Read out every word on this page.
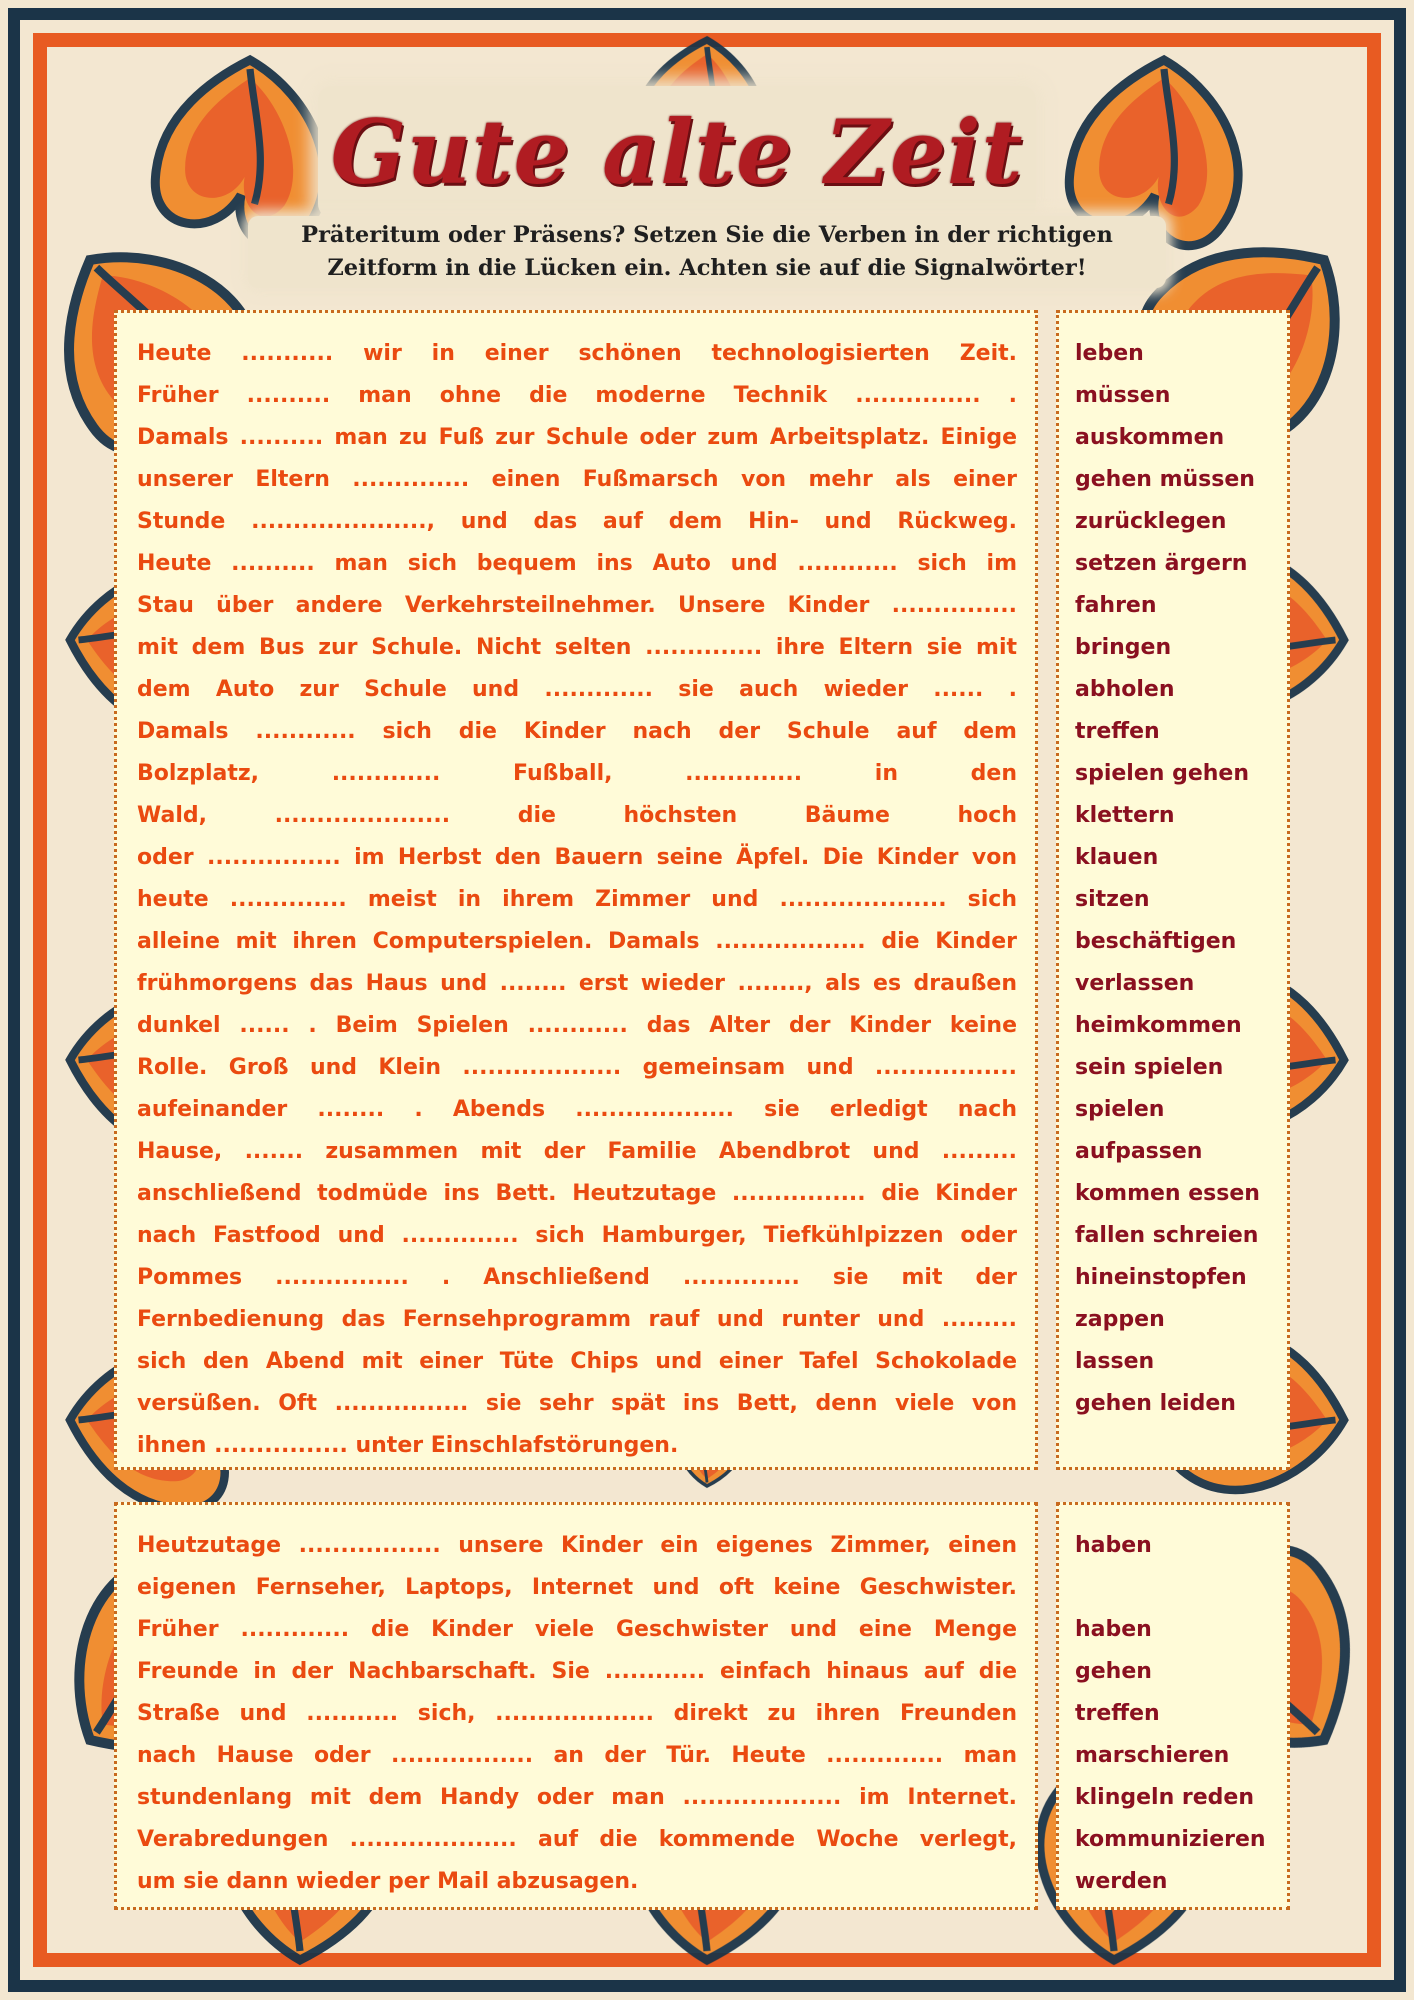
Gute alte Zeit
Präteritum oder Präsens? Setzen Sie die Verben in der richtigen
Zeitform in die Lücken ein. Achten sie auf die Signalwörter!

Heute ........... wir in einer schönen technologisierten Zeit.
Früher .......... man ohne die moderne Technik ............... .
Damals .......... man zu Fuß zur Schule oder zum Arbeitsplatz. Einige
unserer Eltern .............. einen Fußmarsch von mehr als einer
Stunde ....................., und das auf dem Hin- und Rückweg.
Heute .......... man sich bequem ins Auto und ............ sich im
Stau über andere Verkehrsteilnehmer. Unsere Kinder ...............
mit dem Bus zur Schule. Nicht selten .............. ihre Eltern sie mit
dem Auto zur Schule und ............. sie auch wieder ...... .
Damals ............ sich die Kinder nach der Schule auf dem
Bolzplatz, ............. Fußball, .............. in den
Wald, ..................... die höchsten Bäume hoch
oder ................ im Herbst den Bauern seine Äpfel. Die Kinder von
heute .............. meist in ihrem Zimmer und .................... sich
alleine mit ihren Computerspielen. Damals .................. die Kinder
frühmorgens das Haus und ........ erst wieder ........, als es draußen
dunkel ...... . Beim Spielen ............ das Alter der Kinder keine
Rolle. Groß und Klein ................... gemeinsam und .................
aufeinander ........ . Abends ................... sie erledigt nach
Hause, ....... zusammen mit der Familie Abendbrot und .........
anschließend todmüde ins Bett. Heutzutage ................ die Kinder
nach Fastfood und .............. sich Hamburger, Tiefkühlpizzen oder
Pommes ................ . Anschließend .............. sie mit der
Fernbedienung das Fernsehprogramm rauf und runter und .........
sich den Abend mit einer Tüte Chips und einer Tafel Schokolade
versüßen. Oft ................ sie sehr spät ins Bett, denn viele von
ihnen ................ unter Einschlafstörungen.

leben
müssen
auskommen
gehen müssen
zurücklegen
setzen ärgern
fahren
bringen
abholen
treffen
spielen gehen
klettern
klauen
sitzen
beschäftigen
verlassen
heimkommen
sein spielen
spielen
aufpassen
kommen essen
fallen schreien
hineinstopfen
zappen
lassen
gehen leiden

Heutzutage ................. unsere Kinder ein eigenes Zimmer, einen
eigenen Fernseher, Laptops, Internet und oft keine Geschwister.
Früher ............. die Kinder viele Geschwister und eine Menge
Freunde in der Nachbarschaft. Sie ............ einfach hinaus auf die
Straße und ........... sich, ................... direkt zu ihren Freunden
nach Hause oder ................. an der Tür. Heute .............. man
stundenlang mit dem Handy oder man ................... im Internet.
Verabredungen .................... auf die kommende Woche verlegt,
um sie dann wieder per Mail abzusagen.

haben
haben
gehen
treffen
marschieren
klingeln reden
kommunizieren
werden
